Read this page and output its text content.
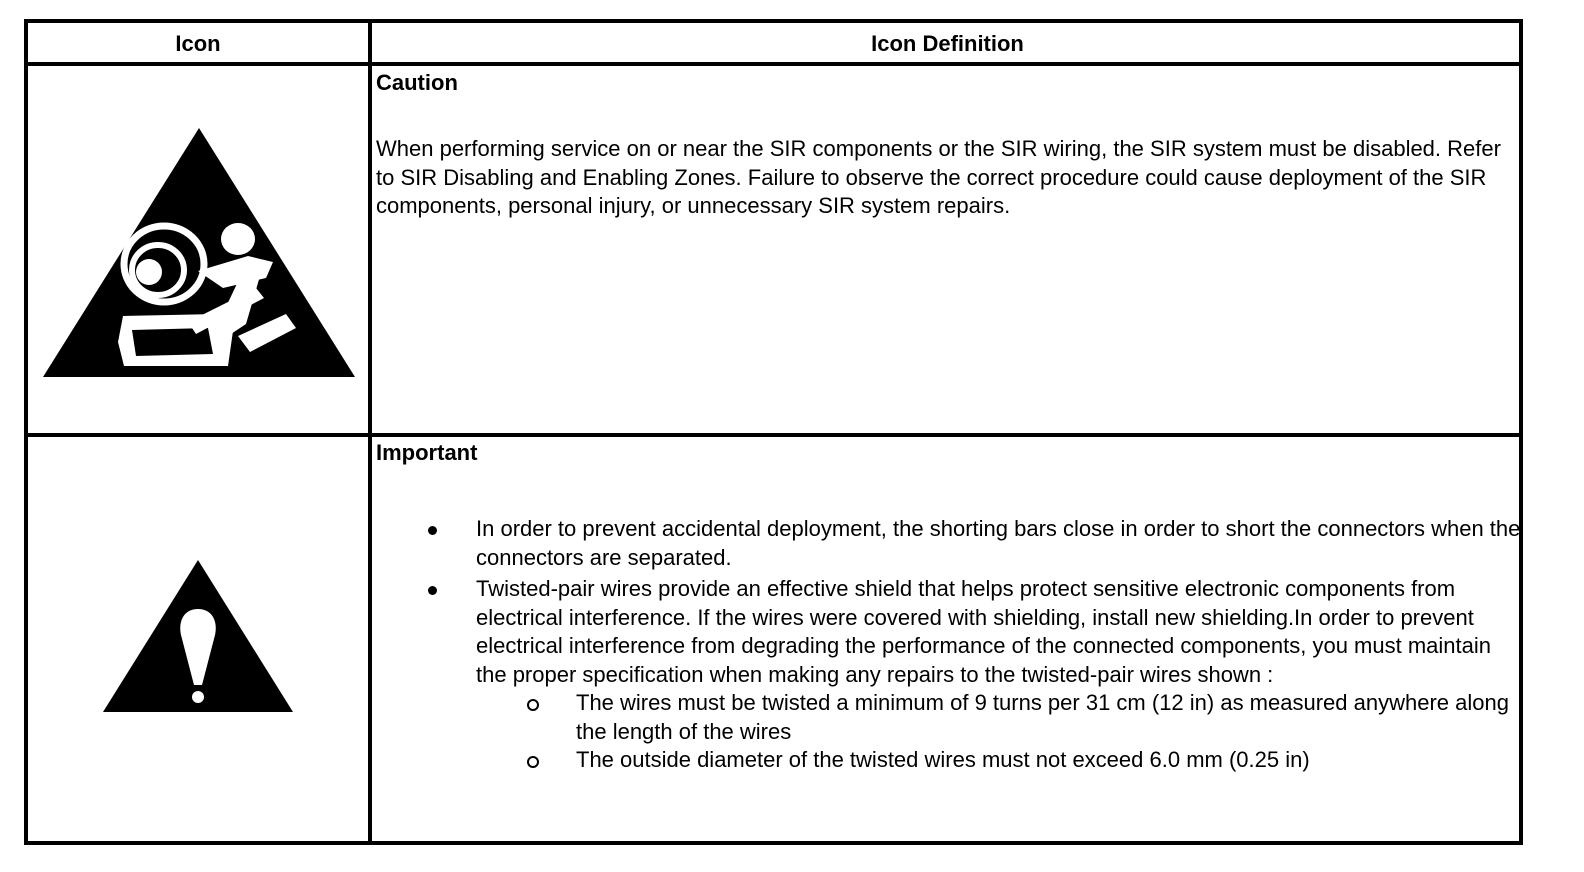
Icon	Icon Definition

Caution

When performing service on or near the SIR components or the SIR wiring, the SIR system must be disabled. Refer to SIR Disabling and Enabling Zones. Failure to observe the correct procedure could cause deployment of the SIR components, personal injury, or unnecessary SIR system repairs.

Important

In order to prevent accidental deployment, the shorting bars close in order to short the connectors when the connectors are separated.
Twisted-pair wires provide an effective shield that helps protect sensitive electronic components from electrical interference. If the wires were covered with shielding, install new shielding.In order to prevent electrical interference from degrading the performance of the connected components, you must maintain the proper specification when making any repairs to the twisted-pair wires shown :
The wires must be twisted a minimum of 9 turns per 31 cm (12 in) as measured anywhere along the length of the wires
The outside diameter of the twisted wires must not exceed 6.0 mm (0.25 in)
